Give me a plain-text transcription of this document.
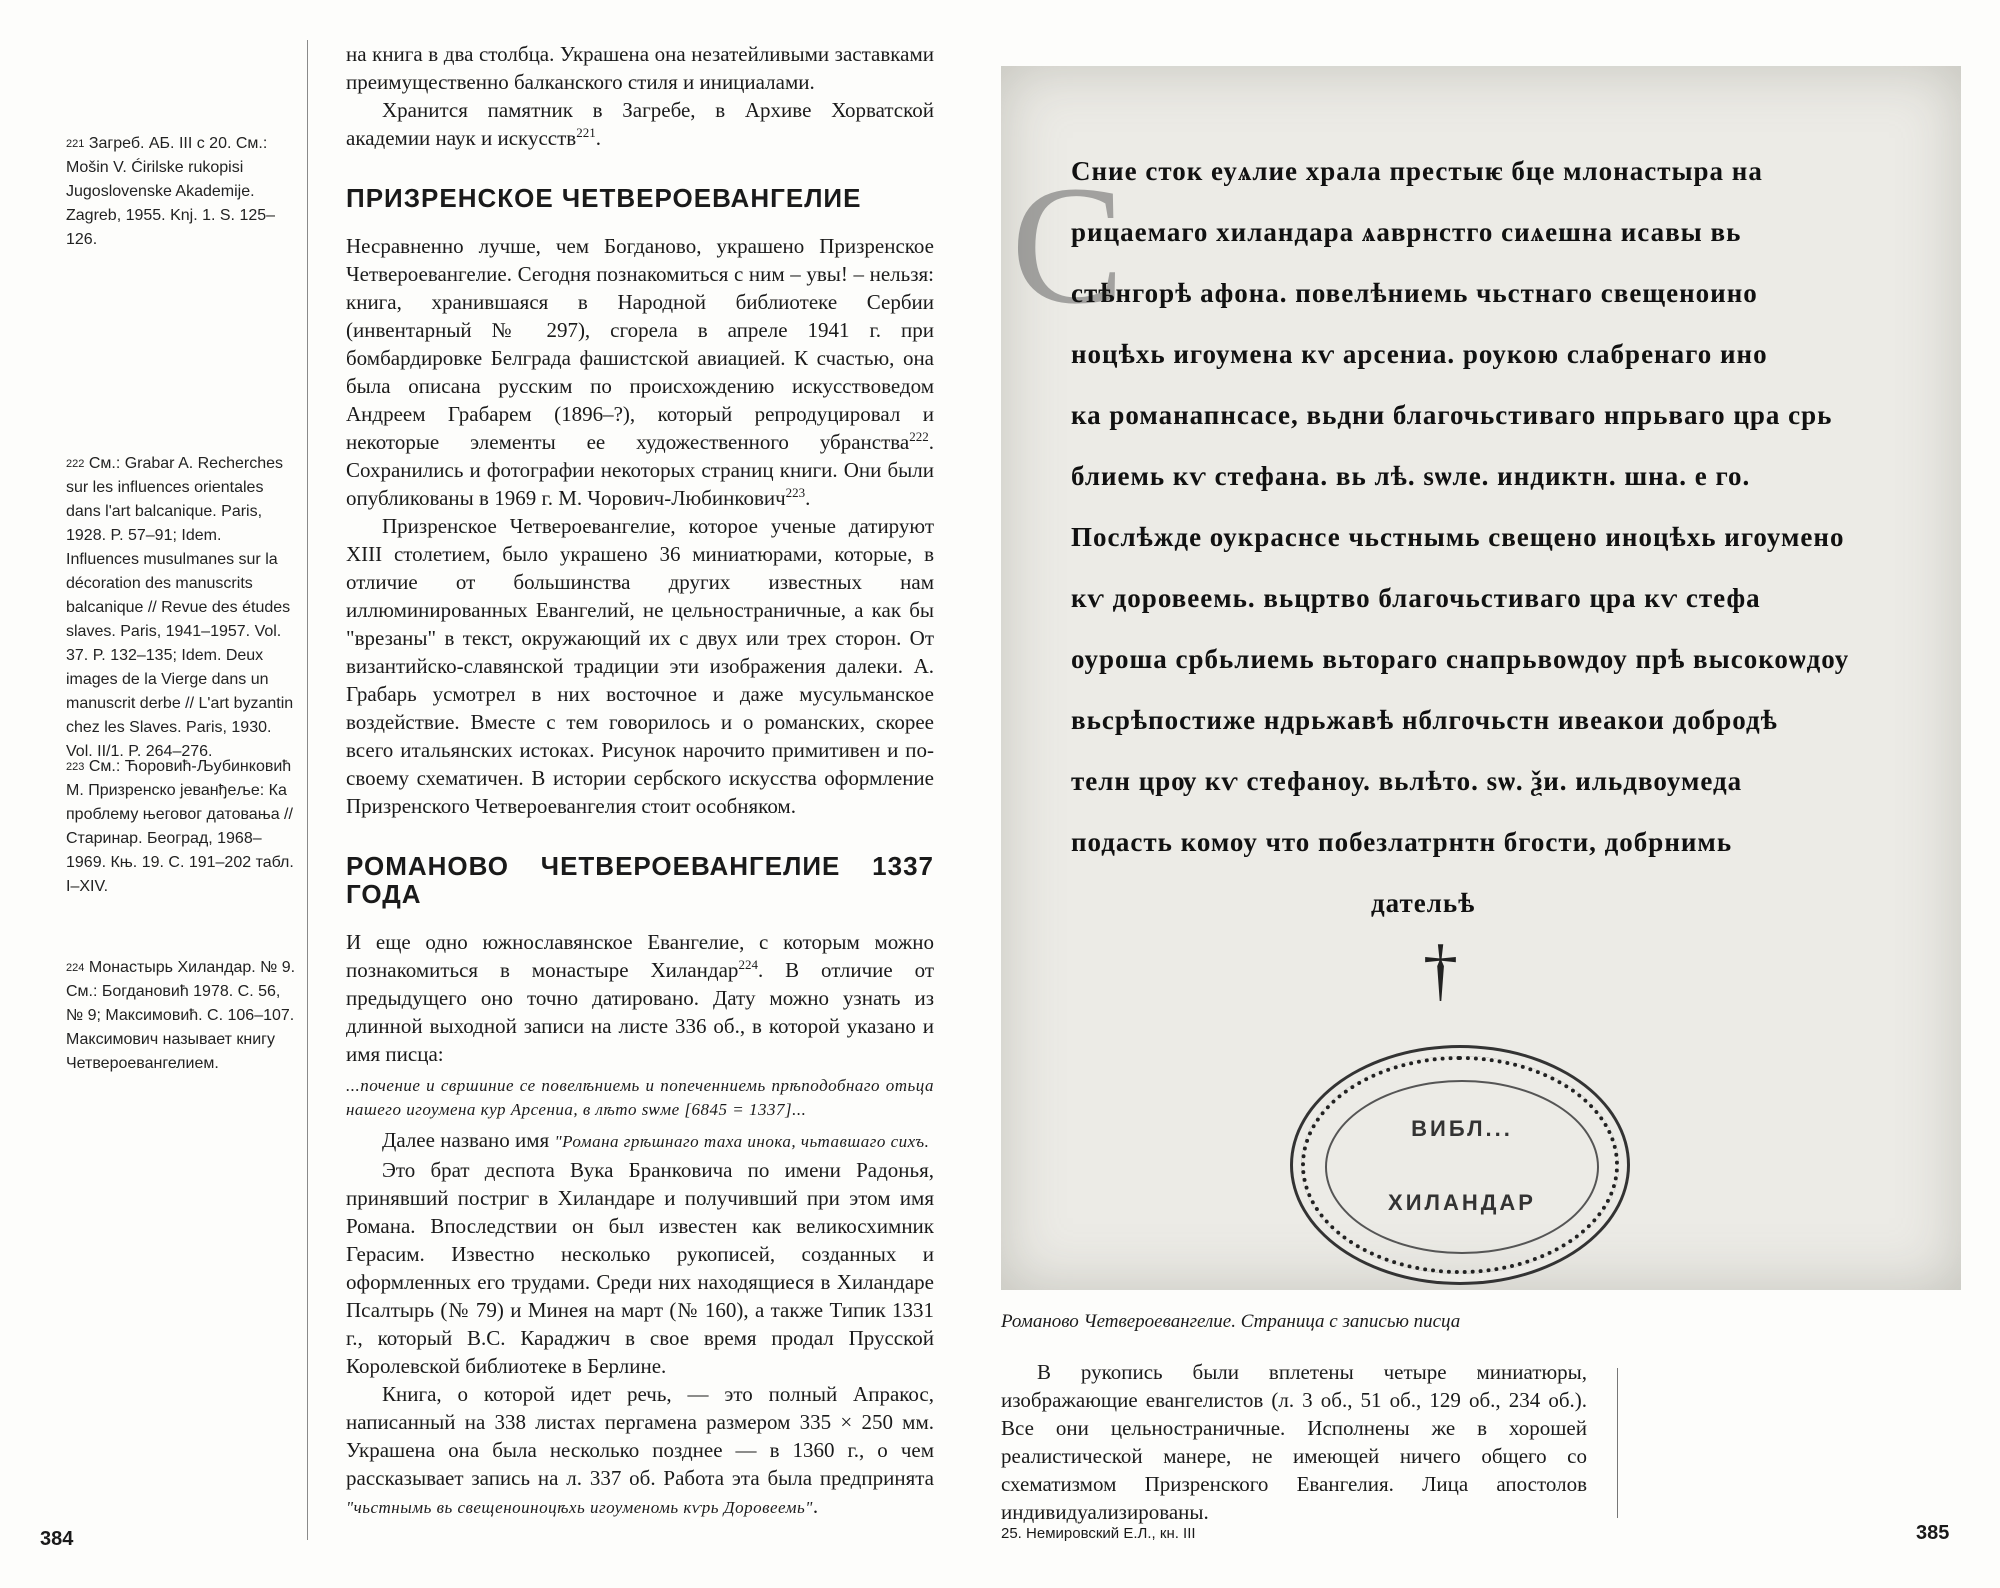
$^{221}$ Загреб. АБ. III с 20. См.: Mošin V. Ćirilske rukopisi Jugoslovenske Akademije. Zagreb, 1955. Knj. 1. S. 125–126.
$^{222}$ См.: Grabar A. Recherches sur les influences orientales dans l'art balcanique. Paris, 1928. P. 57–91; Idem. Influences musulmanes sur la décoration des manuscrits balcanique // Revue des études slaves. Paris, 1941–1957. Vol. 37. P. 132–135; Idem. Deux images de la Vierge dans un manuscrit derbe // L'art byzantin chez les Slaves. Paris, 1930. Vol. II/1. P. 264–276.
$^{223}$ См.: Ћоровић-Љубинковић М. Призренско јеванђеље: Ка проблему његовог датовања // Старинар. Београд, 1968–1969. Књ. 19. С. 191–202 табл. I–XIV.
$^{224}$ Монастырь Хиландар. № 9. См.: Богдановић 1978. С. 56, № 9; Максимовић. С. 106–107. Максимович называет книгу Четвероевангелием.

на книга в два столбца. Украшена она незатейливыми заставками преимущественно балканского стиля и инициалами.

Хранится памятник в Загребе, в Архиве Хорватской академии наук и искусств$^{221}$.

ПРИЗРЕНСКОЕ ЧЕТВЕРОЕВАНГЕЛИЕ

Несравненно лучше, чем Богданово, украшено Призренское Четвероевангелие. Сегодня познакомиться с ним – увы! – нельзя: книга, хранившаяся в Народной библиотеке Сербии (инвентарный № 297), сгорела в апреле 1941 г. при бомбардировке Белграда фашистской авиацией. К счастью, она была описана русским по происхождению искусствоведом Андреем Грабарем (1896–?), который репродуцировал и некоторые элементы ее художественного убранства$^{222}$. Сохранились и фотографии некоторых страниц книги. Они были опубликованы в 1969 г. М. Чорович-Любинкович$^{223}$.

Призренское Четвероевангелие, которое ученые датируют XIII столетием, было украшено 36 миниатюрами, которые, в отличие от большинства других известных нам иллюминированных Евангелий, не цельностраничные, а как бы "врезаны" в текст, окружающий их с двух или трех сторон. От византийско-славянской традиции эти изображения далеки. А. Грабарь усмотрел в них восточное и даже мусульманское воздействие. Вместе с тем говорилось и о романских, скорее всего итальянских истоках. Рисунок нарочито примитивен и по-своему схематичен. В истории сербского искусства оформление Призренского Четвероевангелия стоит особняком.

РОМАНОВО ЧЕТВЕРОЕВАНГЕЛИЕ 1337 ГОДА

И еще одно южнославянское Евангелие, с которым можно познакомиться в монастыре Хиландар$^{224}$. В отличие от предыдущего оно точно датировано. Дату можно узнать из длинной выходной записи на листе 336 об., в которой указано и имя писца:

...почение и свршиние се повелѣниемь и попеченниемь прѣподобнаго отьца нашего игоумена кур Арсениа, в лѣто ѕѡме [6845 = 1337]...

Далее названо имя "Романа грѣшнаго таха инока, чьтавшаго сихъ.

Это брат деспота Вука Бранковича по имени Радонья, принявший постриг в Хиландаре и получивший при этом имя Романа. Впоследствии он был известен как великосхимник Герасим. Известно несколько рукописей, созданных и оформленных его трудами. Среди них находящиеся в Хиландаре Псалтырь (№ 79) и Минея на март (№ 160), а также Типик 1331 г., который В.С. Караджич в свое время продал Прусской Королевской библиотеке в Берлине.

Книга, о которой идет речь, — это полный Апракос, написанный на 338 листах пергамена размером 335 × 250 мм. Украшена она была несколько позднее — в 1360 г., о чем рассказывает запись на л. 337 об. Работа эта была предпринята "чьстнымь вь свещеноиноцѣхь игоуменомь кѵрь Доровеемь".

384
С
Сние сток еуѧлие храла престыѥ бце млонастыра на
рицаемаго хиландара ѧаврнстго сиѧешна исавы вь
стѣнгорѣ афона. повелѣниемь чьстнаго свещеноино
ноцѣхь игоумена кѵ арсениа. роукою слабренаго ино
ка романапнсасе, вьдни благочьстиваго нпрьваго цра срь
блиемь кѵ стефана. вь лѣ. ѕѡле. индиктн. шна. е го.
Послѣжде оукраснсе чьстнымь свещено иноцѣхь игоумено
кѵ доровеемь. вьцртво благочьстиваго цра кѵ стефа
оуроша србьлиемь вьтораго снапрьвоѡдоу прѣ высокоѡдоу
вьсрѣпостиже ндрьжавѣ нблгочьстн ивеакои добродѣ
телн црѹ кѵ стефаноу. вьлѣто. ѕѡ. ѯи. ильдвоумеда
подасть комоу что побезлатрнтн бгости, добрнимь
дательѣ
†
ВИБЛ...
ХИЛАНДАР
Романово Четвероевангелие. Страница с записью писца

В рукопись были вплетены четыре миниатюры, изображающие евангелистов (л. 3 об., 51 об., 129 об., 234 об.). Все они цельностраничные. Исполнены же в хорошей реалистической манере, не имеющей ничего общего со схематизмом Призренского Евангелия. Лица апостолов индивидуализированы.

25. Немировский Е.Л., кн. III	385
